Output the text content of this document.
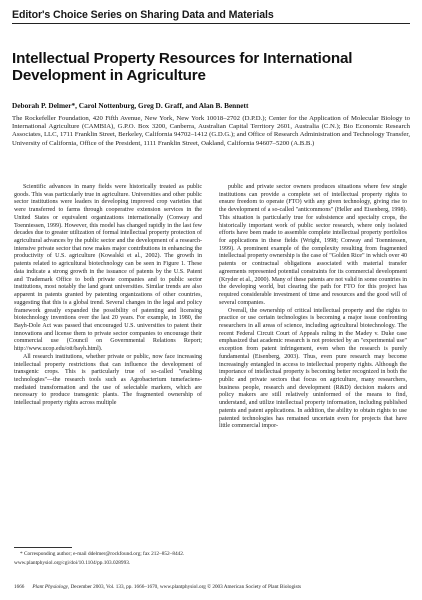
Editor's Choice Series on Sharing Data and Materials
Intellectual Property Resources for International Development in Agriculture
Deborah P. Delmer*, Carol Nottenburg, Greg D. Graff, and Alan B. Bennett
The Rockefeller Foundation, 420 Fifth Avenue, New York, New York 10018–2702 (D.P.D.); Center for the Application of Molecular Biology to International Agriculture (CAMBIA), G.P.O. Box 3200, Canberra, Australian Capital Territory 2601, Australia (C.N.); Bio Economic Research Associates, LLC, 1711 Franklin Street, Berkeley, California 94702–1412 (G.D.G.); and Office of Research Administration and Technology Transfer, University of California, Office of the President, 1111 Franklin Street, Oakland, California 94607–5200 (A.B.B.)

Scientific advances in many fields were historically treated as public goods. This was particularly true in agriculture. Universities and other public sector institutions were leaders in developing improved crop varieties that were transferred to farms through cooperative extension services in the United States or equivalent organizations internationally (Conway and Toenniessen, 1999). However, this model has changed rapidly in the last few decades due to greater utilization of formal intellectual property protection of agricultural advances by the public sector and the development of a research-intensive private sector that now makes major contributions in enhancing the productivity of U.S. agriculture (Kowalski et al., 2002). The growth in patents related to agricultural biotechnology can be seen in Figure 1. These data indicate a strong growth in the issuance of patents by the U.S. Patent and Trademark Office to both private companies and to public sector institutions, most notably the land grant universities. Similar trends are also apparent in patents granted by patenting organizations of other countries, suggesting that this is a global trend. Several changes in the legal and policy framework greatly expanded the possibility of patenting and licensing biotechnology inventions over the last 20 years. For example, in 1980, the Bayh-Dole Act was passed that encouraged U.S. universities to patent their innovations and license them to private sector companies to encourage their commercial use (Council on Governmental Relations Report; http://www.ucop.edu/ott/bayh.html).

All research institutions, whether private or public, now face increasing intellectual property restrictions that can influence the development of transgenic crops. This is particularly true of so-called "enabling technologies"—the research tools such as Agrobacterium tumefaciens-mediated transformation and the use of selectable markers, which are necessary to produce transgenic plants. The fragmented ownership of intellectual property rights across multiple

public and private sector owners produces situations where few single institutions can provide a complete set of intellectual property rights to ensure freedom to operate (FTO) with any given technology, giving rise to the development of a so-called "anticommons" (Heller and Eisenberg, 1998). This situation is particularly true for subsistence and specialty crops, the historically important work of public sector research, where only isolated efforts have been made to assemble complete intellectual property portfolios for applications in these fields (Wright, 1998; Conway and Toenniessen, 1999). A prominent example of the complexity resulting from fragmented intellectual property ownership is the case of "Golden Rice" in which over 40 patents or contractual obligations associated with material transfer agreements represented potential constraints for its commercial development (Kryder et al., 2000). Many of these patents are not valid in some countries in the developing world, but clearing the path for FTO for this project has required considerable investment of time and resources and the good will of several companies.

Overall, the ownership of critical intellectual property and the rights to practice or use certain technologies is becoming a major issue confronting researchers in all areas of science, including agricultural biotechnology. The recent Federal Circuit Court of Appeals ruling in the Madey v. Duke case emphasized that academic research is not protected by an "experimental use" exception from patent infringement, even when the research is purely fundamental (Eisenberg, 2003). Thus, even pure research may become increasingly entangled in access to intellectual property rights. Although the importance of intellectual property is becoming better recognized in both the public and private sectors that focus on agriculture, many researchers, business people, research and development (R&D) decision makers and policy makers are still relatively uninformed of the means to find, understand, and utilize intellectual property information, including published patents and patent applications. In addition, the ability to obtain rights to use patented technologies has remained uncertain even for projects that have little commercial impor-

* Corresponding author; e-mail ddelmer@rockfound.org; fax 212–852–8442.

www.plantphysiol.org/cgi/doi/10.1104/pp.103.028993.

1666 Plant Physiology, December 2003, Vol. 133, pp. 1666–1670, www.plantphysiol.org © 2003 American Society of Plant Biologists
